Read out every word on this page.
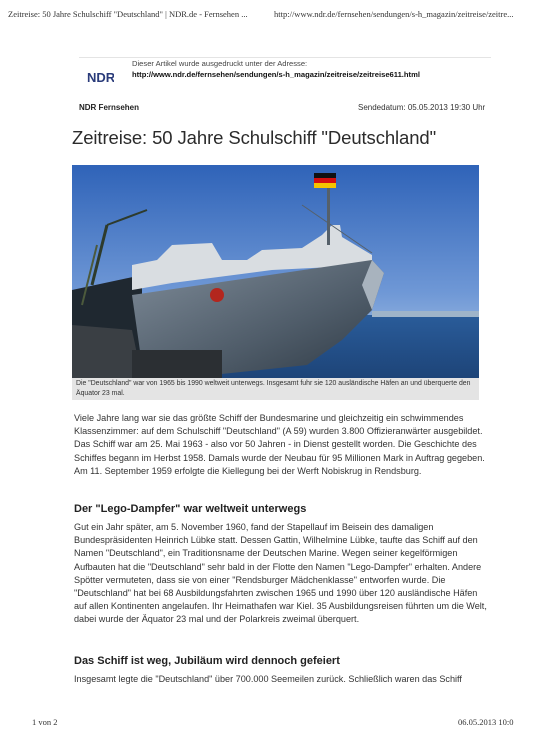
Zeitreise: 50 Jahre Schulschiff "Deutschland" | NDR.de - Fernsehen ...	http://www.ndr.de/fernsehen/sendungen/s-h_magazin/zeitreise/zeitre...
NDR
Dieser Artikel wurde ausgedruckt unter der Adresse:
http://www.ndr.de/fernsehen/sendungen/s-h_magazin/zeitreise/zeitreise611.html
NDR Fernsehen	Sendedatum: 05.05.2013 19:30 Uhr
Zeitreise: 50 Jahre Schulschiff "Deutschland"
Die "Deutschland" war von 1965 bis 1990 weltweit unterwegs. Insgesamt fuhr sie 120 ausländische Häfen an und überquerte den Äquator 23 mal.
Viele Jahre lang war sie das größte Schiff der Bundesmarine und gleichzeitig ein schwimmendes Klassenzimmer: auf dem Schulschiff "Deutschland" (A 59) wurden 3.800 Offizieranwärter ausgebildet. Das Schiff war am 25. Mai 1963 - also vor 50 Jahren - in Dienst gestellt worden. Die Geschichte des Schiffes begann im Herbst 1958. Damals wurde der Neubau für 95 Millionen Mark in Auftrag gegeben. Am 11. September 1959 erfolgte die Kiellegung bei der Werft Nobiskrug in Rendsburg.
Der "Lego-Dampfer" war weltweit unterwegs
Gut ein Jahr später, am 5. November 1960, fand der Stapellauf im Beisein des damaligen Bundespräsidenten Heinrich Lübke statt. Dessen Gattin, Wilhelmine Lübke, taufte das Schiff auf den Namen "Deutschland", ein Traditionsname der Deutschen Marine. Wegen seiner kegelförmigen Aufbauten hat die "Deutschland" sehr bald in der Flotte den Namen "Lego-Dampfer" erhalten. Andere Spötter vermuteten, dass sie von einer "Rendsburger Mädchenklasse" entworfen wurde. Die "Deutschland" hat bei 68 Ausbildungsfahrten zwischen 1965 und 1990 über 120 ausländische Häfen auf allen Kontinenten angelaufen. Ihr Heimathafen war Kiel. 35 Ausbildungsreisen führten um die Welt, dabei wurde der Äquator 23 mal und der Polarkreis zweimal überquert.
Das Schiff ist weg, Jubiläum wird dennoch gefeiert
Insgesamt legte die "Deutschland" über 700.000 Seemeilen zurück. Schließlich waren das Schiff
1 von 2	06.05.2013 10:0
